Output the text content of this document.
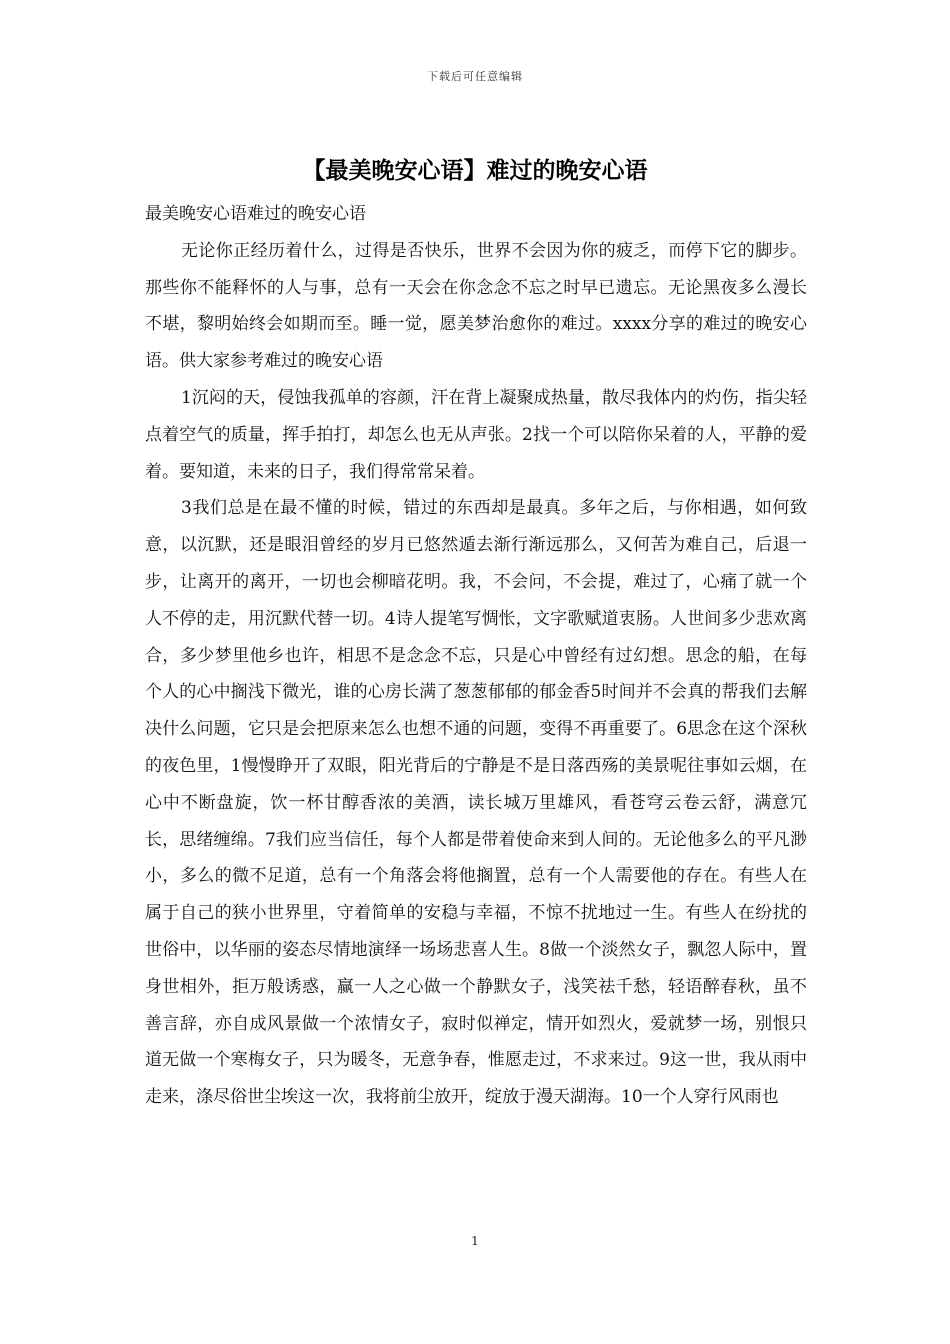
下载后可任意编辑
【最美晚安心语】难过的晚安心语

最美晚安心语难过的晚安心语

无论你正经历着什么，过得是否快乐，世界不会因为你的疲乏，而停下它的脚步。那些你不能释怀的人与事，总有一天会在你念念不忘之时早已遗忘。无论黑夜多么漫长不堪，黎明始终会如期而至。睡一觉，愿美梦治愈你的难过。xxxx分享的难过的晚安心语。供大家参考难过的晚安心语

1沉闷的天，侵蚀我孤单的容颜，汗在背上凝聚成热量，散尽我体内的灼伤，指尖轻点着空气的质量，挥手拍打，却怎么也无从声张。2找一个可以陪你呆着的人，平静的爱着。要知道，未来的日子，我们得常常呆着。

3我们总是在最不懂的时候，错过的东西却是最真。多年之后，与你相遇，如何致意，以沉默，还是眼泪曾经的岁月已悠然遁去渐行渐远那么，又何苦为难自己，后退一步，让离开的离开，一切也会柳暗花明。我，不会问，不会提，难过了，心痛了就一个人不停的走，用沉默代替一切。4诗人提笔写惆怅，文字歌赋道衷肠。人世间多少悲欢离合，多少梦里他乡也许，相思不是念念不忘，只是心中曾经有过幻想。思念的船，在每个人的心中搁浅下微光，谁的心房长满了葱葱郁郁的郁金香5时间并不会真的帮我们去解决什么问题，它只是会把原来怎么也想不通的问题，变得不再重要了。6思念在这个深秋的夜色里，1慢慢睁开了双眼，阳光背后的宁静是不是日落西殇的美景呢往事如云烟，在心中不断盘旋，饮一杯甘醇香浓的美酒，读长城万里雄风，看苍穹云卷云舒，满意冗长，思绪缠绵。7我们应当信任，每个人都是带着使命来到人间的。无论他多么的平凡渺小，多么的微不足道，总有一个角落会将他搁置，总有一个人需要他的存在。有些人在属于自己的狭小世界里，守着简单的安稳与幸福，不惊不扰地过一生。有些人在纷扰的世俗中，以华丽的姿态尽情地演绎一场场悲喜人生。8做一个淡然女子，飘忽人际中，置身世相外，拒万般诱惑，赢一人之心做一个静默女子，浅笑祛千愁，轻语醉春秋，虽不善言辞，亦自成风景做一个浓情女子，寂时似禅定，情开如烈火，爱就梦一场，别恨只道无做一个寒梅女子，只为暖冬，无意争春，惟愿走过，不求来过。9这一世，我从雨中走来，涤尽俗世尘埃这一次，我将前尘放开，绽放于漫天湖海。10一个人穿行风雨也

1
